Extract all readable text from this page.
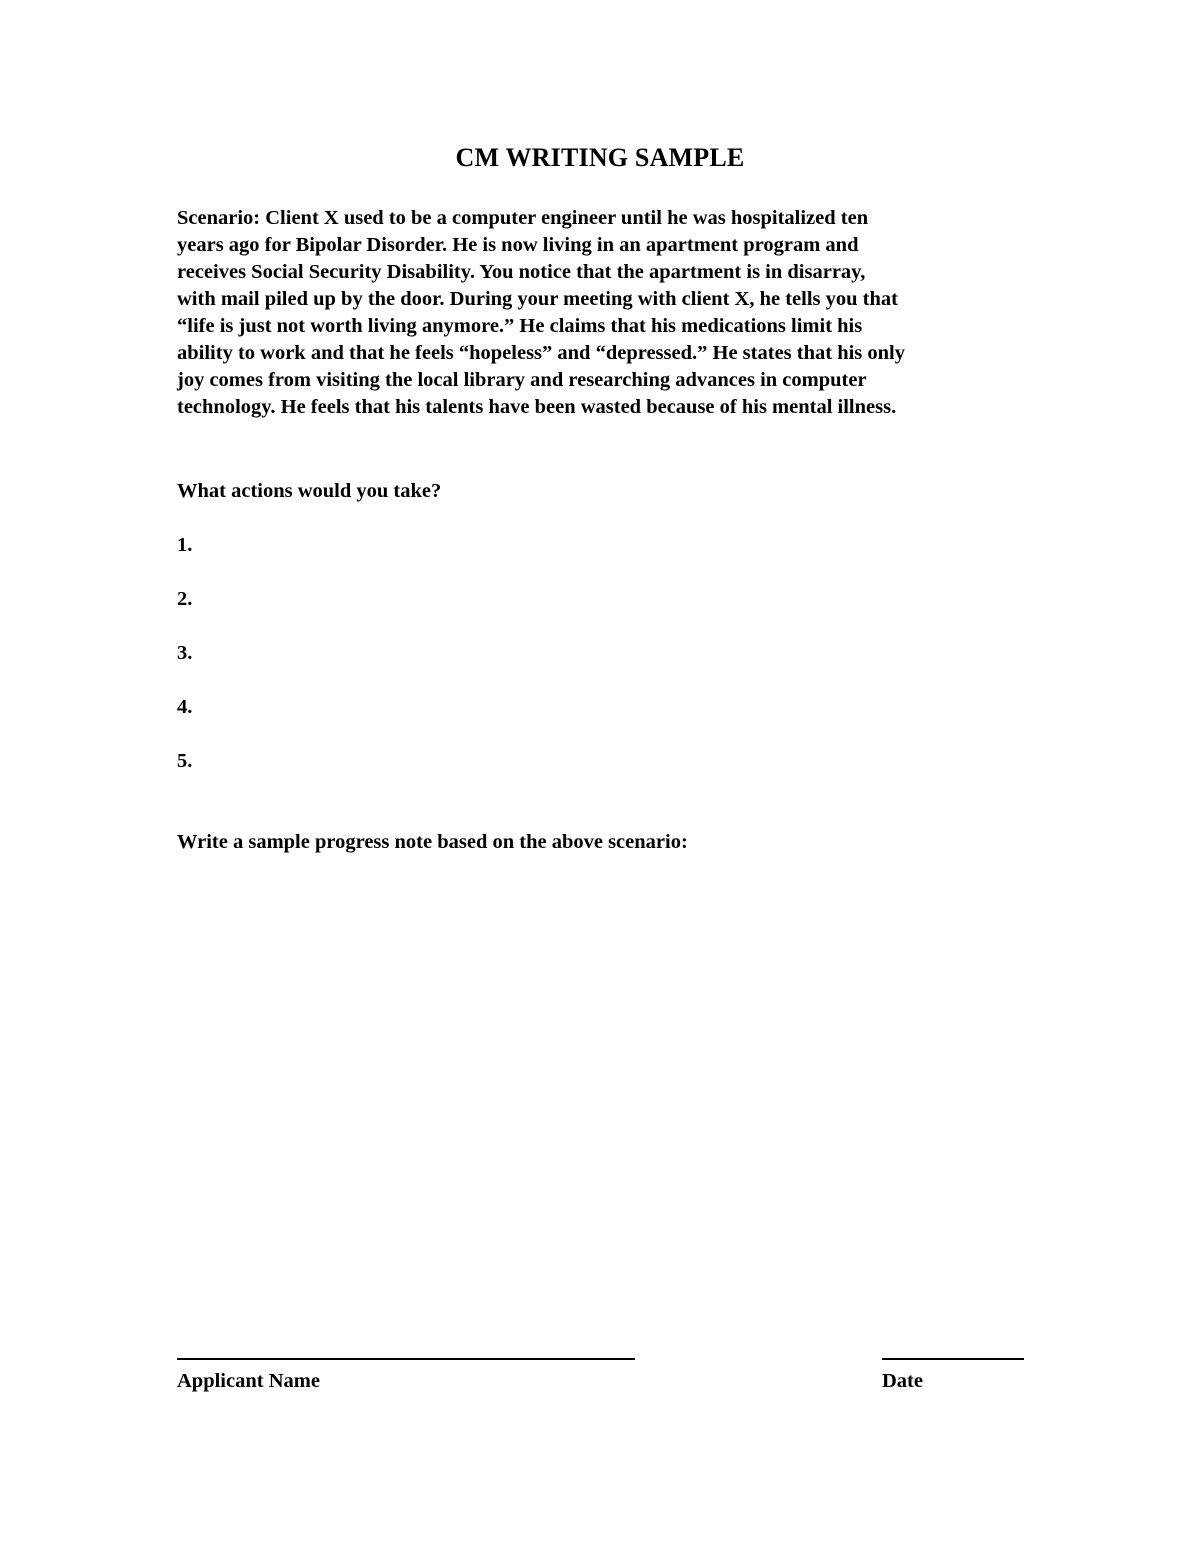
CM WRITING SAMPLE
Scenario: Client X used to be a computer engineer until he was hospitalized ten
years ago for Bipolar Disorder. He is now living in an apartment program and
receives Social Security Disability. You notice that the apartment is in disarray,
with mail piled up by the door. During your meeting with client X, he tells you that
“life is just not worth living anymore.” He claims that his medications limit his
ability to work and that he feels “hopeless” and “depressed.” He states that his only
joy comes from visiting the local library and researching advances in computer
technology. He feels that his talents have been wasted because of his mental illness.

What actions would you take?

1.
2.
3.
4.
5.

Write a sample progress note based on the above scenario:

Applicant Name	Date
